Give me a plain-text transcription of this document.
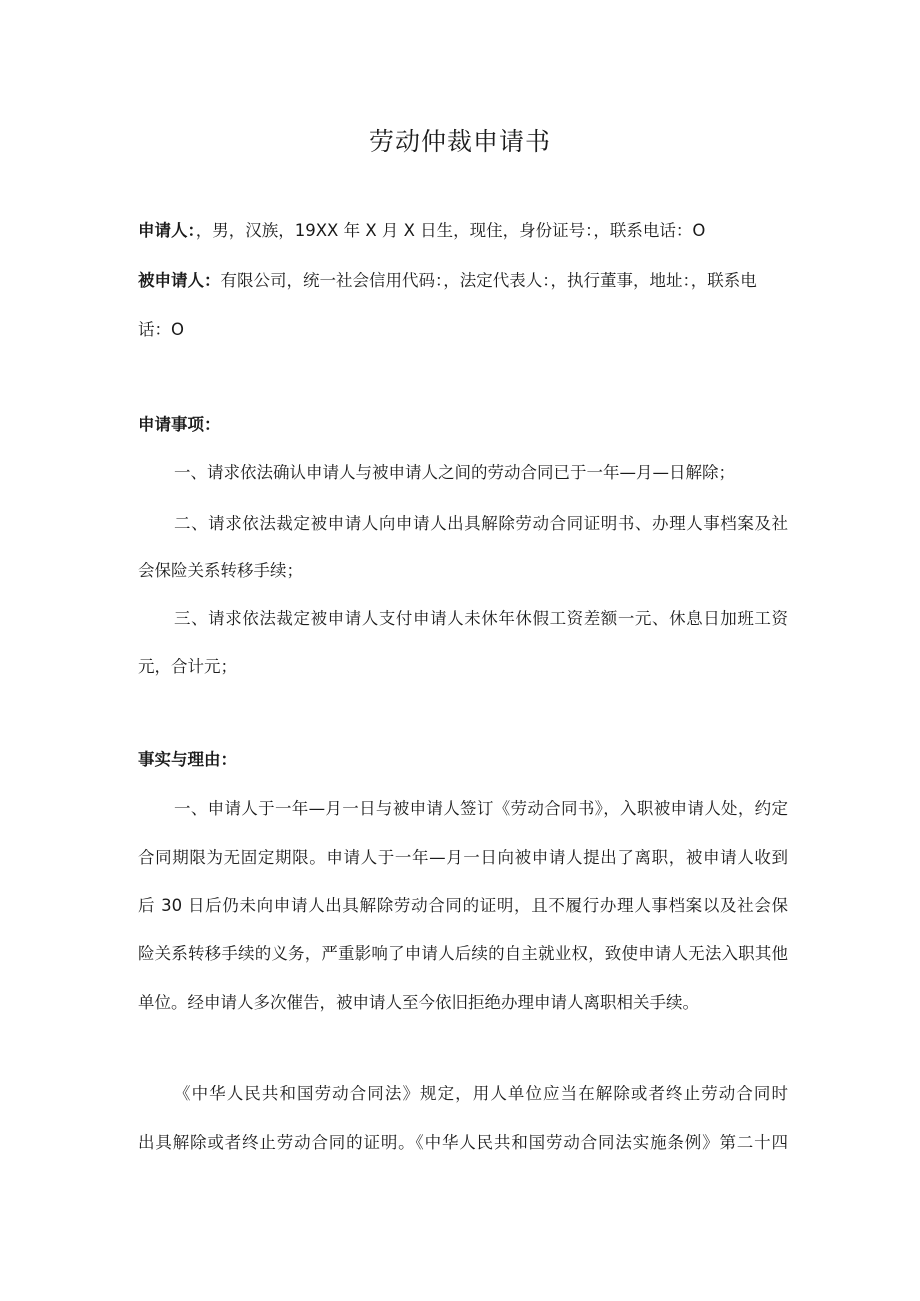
劳动仲裁申请书
申请人：，男，汉族，19XX 年 X 月 X 日生，现住，身份证号：，联系电话：O
被申请人：有限公司，统一社会信用代码：，法定代表人：，执行董事，地址：，联系电
话：O
申请事项：
一、请求依法确认申请人与被申请人之间的劳动合同已于一年—月—日解除；
二、请求依法裁定被申请人向申请人出具解除劳动合同证明书、办理人事档案及社
会保险关系转移手续；
三、请求依法裁定被申请人支付申请人未休年休假工资差额一元、休息日加班工资
元，合计元；
事实与理由：
一、申请人于一年—月一日与被申请人签订《劳动合同书》，入职被申请人处，约定
合同期限为无固定期限。申请人于一年—月一日向被申请人提出了离职，被申请人收到
后 30 日后仍未向申请人出具解除劳动合同的证明，且不履行办理人事档案以及社会保
险关系转移手续的义务，严重影响了申请人后续的自主就业权，致使申请人无法入职其他
单位。经申请人多次催告，被申请人至今依旧拒绝办理申请人离职相关手续。
《中华人民共和国劳动合同法》规定，用人单位应当在解除或者终止劳动合同时
出具解除或者终止劳动合同的证明。《中华人民共和国劳动合同法实施条例》第二十四
